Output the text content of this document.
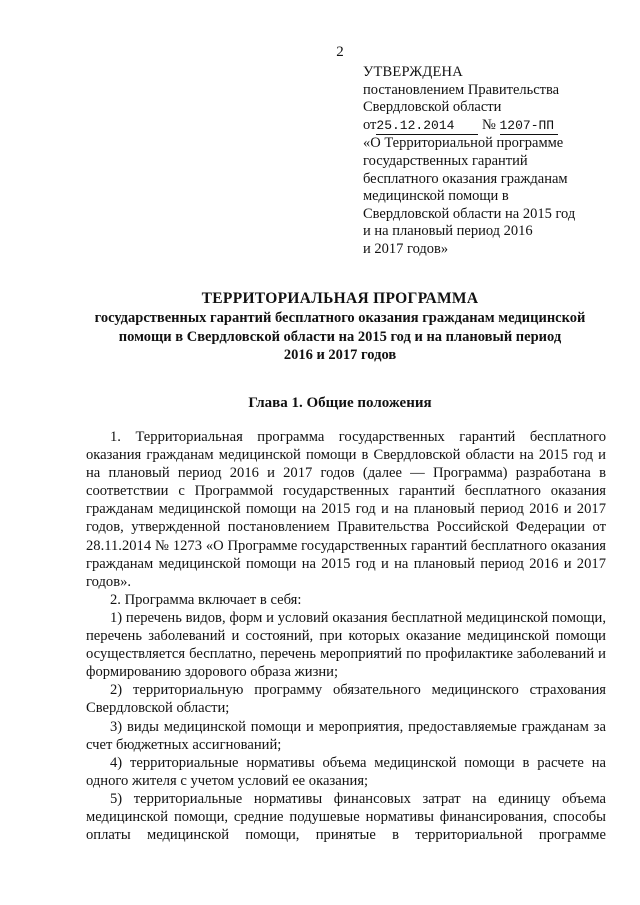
2
УТВЕРЖДЕНА
постановлением Правительства
Свердловской области
от25.12.2014 № 1207-ПП
«О Территориальной программе
государственных гарантий
бесплатного оказания гражданам
медицинской помощи в
Свердловской области на 2015 год
и на плановый период 2016
и 2017 годов»
ТЕРРИТОРИАЛЬНАЯ ПРОГРАММА
государственных гарантий бесплатного оказания гражданам медицинской
помощи в Свердловской области на 2015 год и на плановый период
2016 и 2017 годов
Глава 1. Общие положения

1. Территориальная программа государственных гарантий бесплатного оказания гражданам медицинской помощи в Свердловской области на 2015 год и на плановый период 2016 и 2017 годов (далее — Программа) разработана в соответствии с Программой государственных гарантий бесплатного оказания гражданам медицинской помощи на 2015 год и на плановый период 2016 и 2017 годов, утвержденной постановлением Правительства Российской Федерации от 28.11.2014 № 1273 «О Программе государственных гарантий бесплатного оказания гражданам медицинской помощи на 2015 год и на плановый период 2016 и 2017 годов».

2. Программа включает в себя:

1) перечень видов, форм и условий оказания бесплатной медицинской помощи, перечень заболеваний и состояний, при которых оказание медицинской помощи осуществляется бесплатно, перечень мероприятий по профилактике заболеваний и формированию здорового образа жизни;

2) территориальную программу обязательного медицинского страхования Свердловской области;

3) виды медицинской помощи и мероприятия, предоставляемые гражданам за счет бюджетных ассигнований;

4) территориальные нормативы объема медицинской помощи в расчете на одного жителя с учетом условий ее оказания;

5) территориальные нормативы финансовых затрат на единицу объема медицинской помощи, средние подушевые нормативы финансирования, способы оплаты медицинской помощи, принятые в территориальной программе
